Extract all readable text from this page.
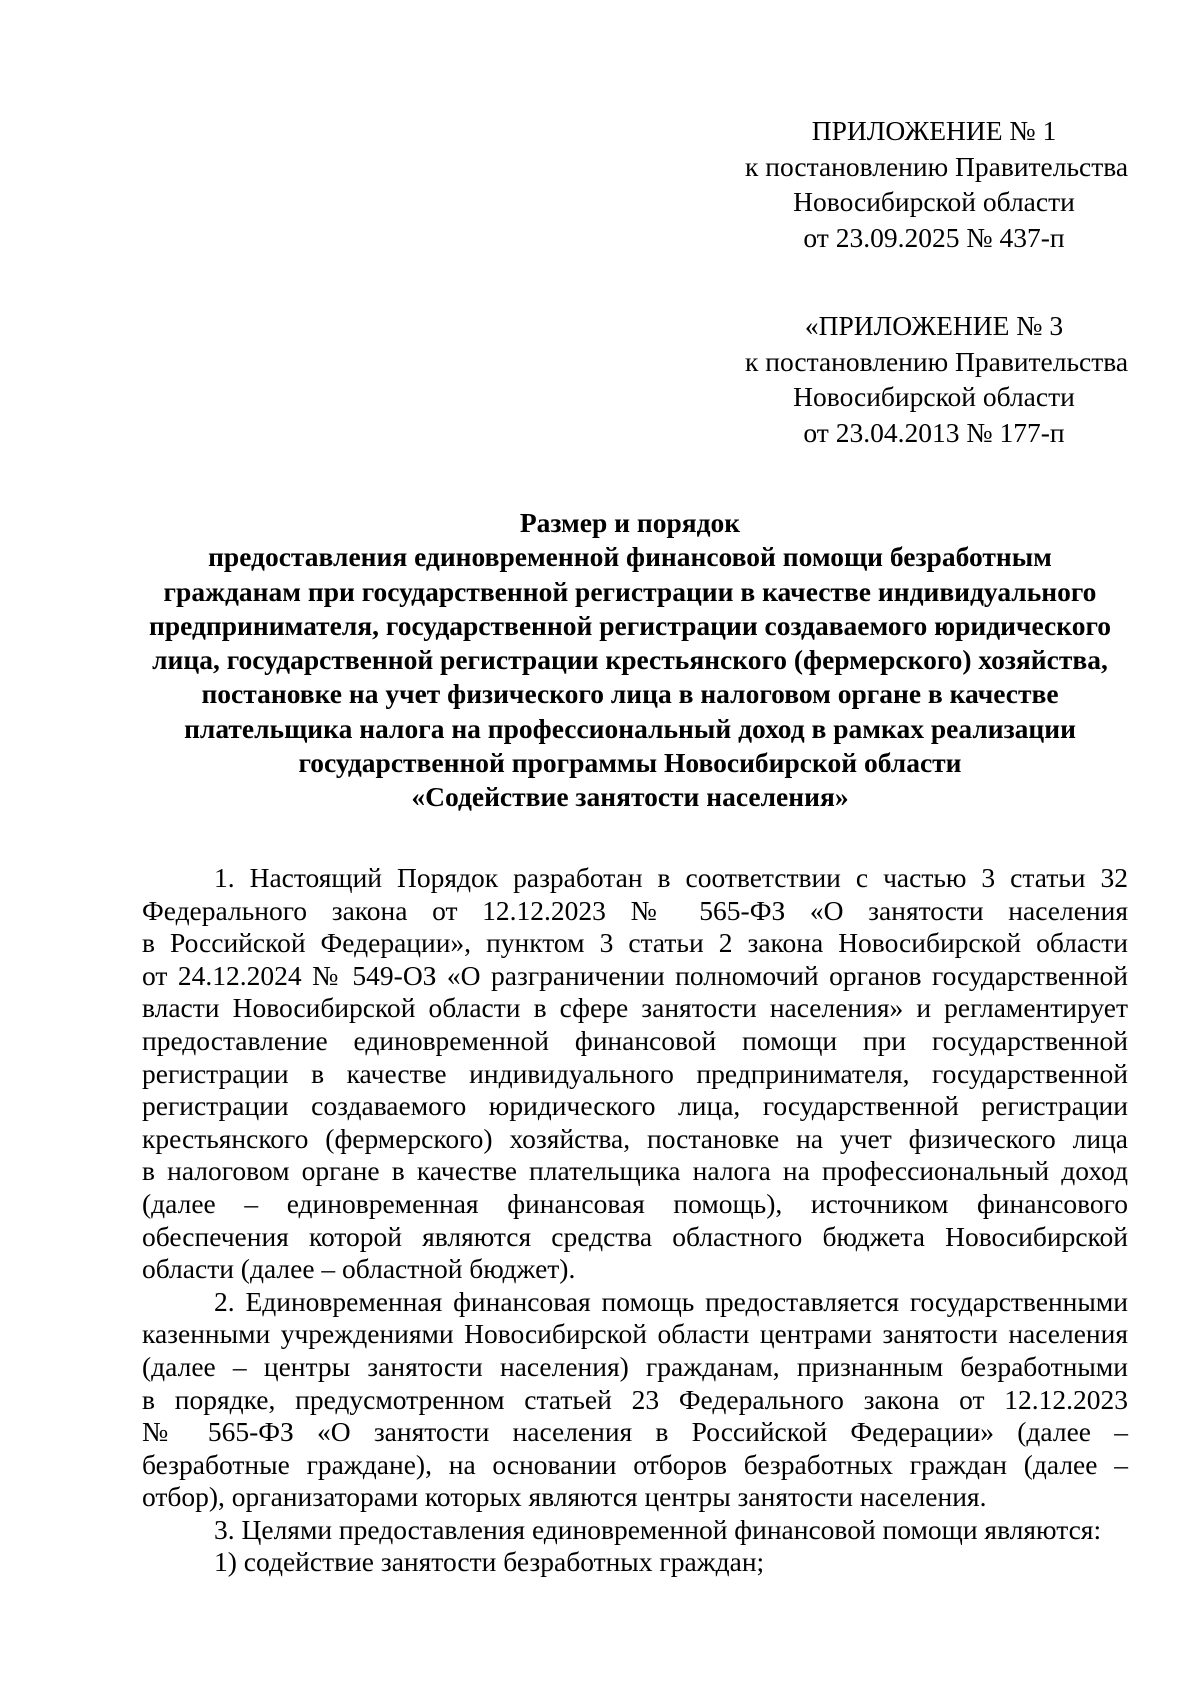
ПРИЛОЖЕНИЕ № 1
к постановлению Правительства
Новосибирской области
от 23.09.2025 № 437-п
«ПРИЛОЖЕНИЕ № 3
к постановлению Правительства
Новосибирской области
от 23.04.2013 № 177-п
Размер и порядок
предоставления единовременной финансовой помощи безработным
гражданам при государственной регистрации в качестве индивидуального
предпринимателя, государственной регистрации создаваемого юридического
лица, государственной регистрации крестьянского (фермерского) хозяйства,
постановке на учет физического лица в налоговом органе в качестве
плательщика налога на профессиональный доход в рамках реализации
государственной программы Новосибирской области
«Содействие занятости населения»
1. Настоящий Порядок разработан в соответствии с частью 3 статьи 32
Федерального закона от 12.12.2023 № 565-ФЗ «О занятости населения
в Российской Федерации», пунктом 3 статьи 2 закона Новосибирской области
от 24.12.2024 № 549-ОЗ «О разграничении полномочий органов государственной
власти Новосибирской области в сфере занятости населения» и регламентирует
предоставление единовременной финансовой помощи при государственной
регистрации в качестве индивидуального предпринимателя, государственной
регистрации создаваемого юридического лица, государственной регистрации
крестьянского (фермерского) хозяйства, постановке на учет физического лица
в налоговом органе в качестве плательщика налога на профессиональный доход
(далее – единовременная финансовая помощь), источником финансового
обеспечения которой являются средства областного бюджета Новосибирской
области (далее – областной бюджет).
2. Единовременная финансовая помощь предоставляется государственными
казенными учреждениями Новосибирской области центрами занятости населения
(далее – центры занятости населения) гражданам, признанным безработными
в порядке, предусмотренном статьей 23 Федерального закона от 12.12.2023
№ 565-ФЗ «О занятости населения в Российской Федерации» (далее –
безработные граждане), на основании отборов безработных граждан (далее –
отбор), организаторами которых являются центры занятости населения.
3. Целями предоставления единовременной финансовой помощи являются:
1) содействие занятости безработных граждан;
